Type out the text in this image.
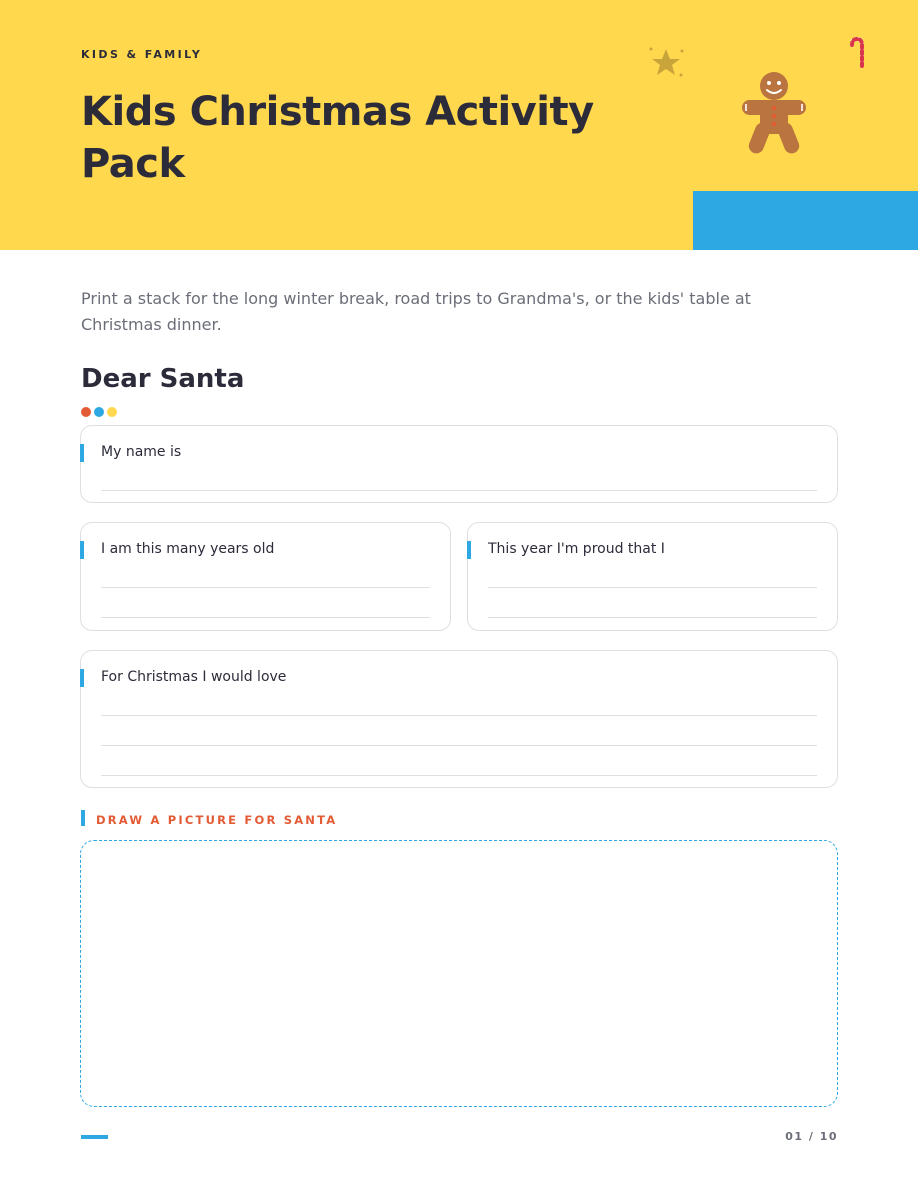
KIDS & FAMILY
Kids Christmas Activity Pack
Print a stack for the long winter break, road trips to Grandma's, or the kids' table at Christmas dinner.
Dear Santa
My name is
I am this many years old	This year I'm proud that I
For Christmas I would love
DRAW A PICTURE FOR SANTA
01 / 10
